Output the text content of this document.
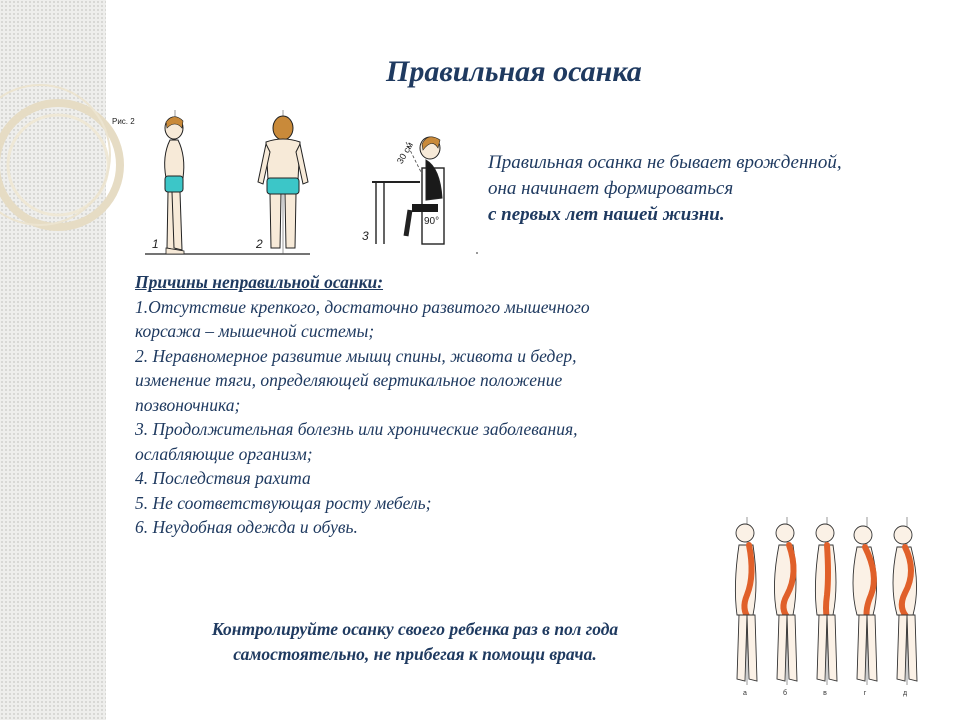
Правильная осанка
Рис. 2
1	2
30 см
90°
3
Правильная осанка не бывает врожденной,
она начинает формироваться
с первых лет нашей жизни.
Причины неправильной осанки:
1.Отсутствие крепкого, достаточно развитого мышечного
корсажа – мышечной системы;
2. Неравномерное развитие мышц спины, живота и бедер,
изменение тяги, определяющей вертикальное положение
позвоночника;
3. Продолжительная болезнь или хронические заболевания,
ослабляющие организм;
4. Последствия рахита
5. Не соответствующая росту мебель;
6. Неудобная одежда и обувь.
Контролируйте осанку своего ребенка раз в пол года
самостоятельно, не прибегая к помощи врача.
а	б	в	г	д
